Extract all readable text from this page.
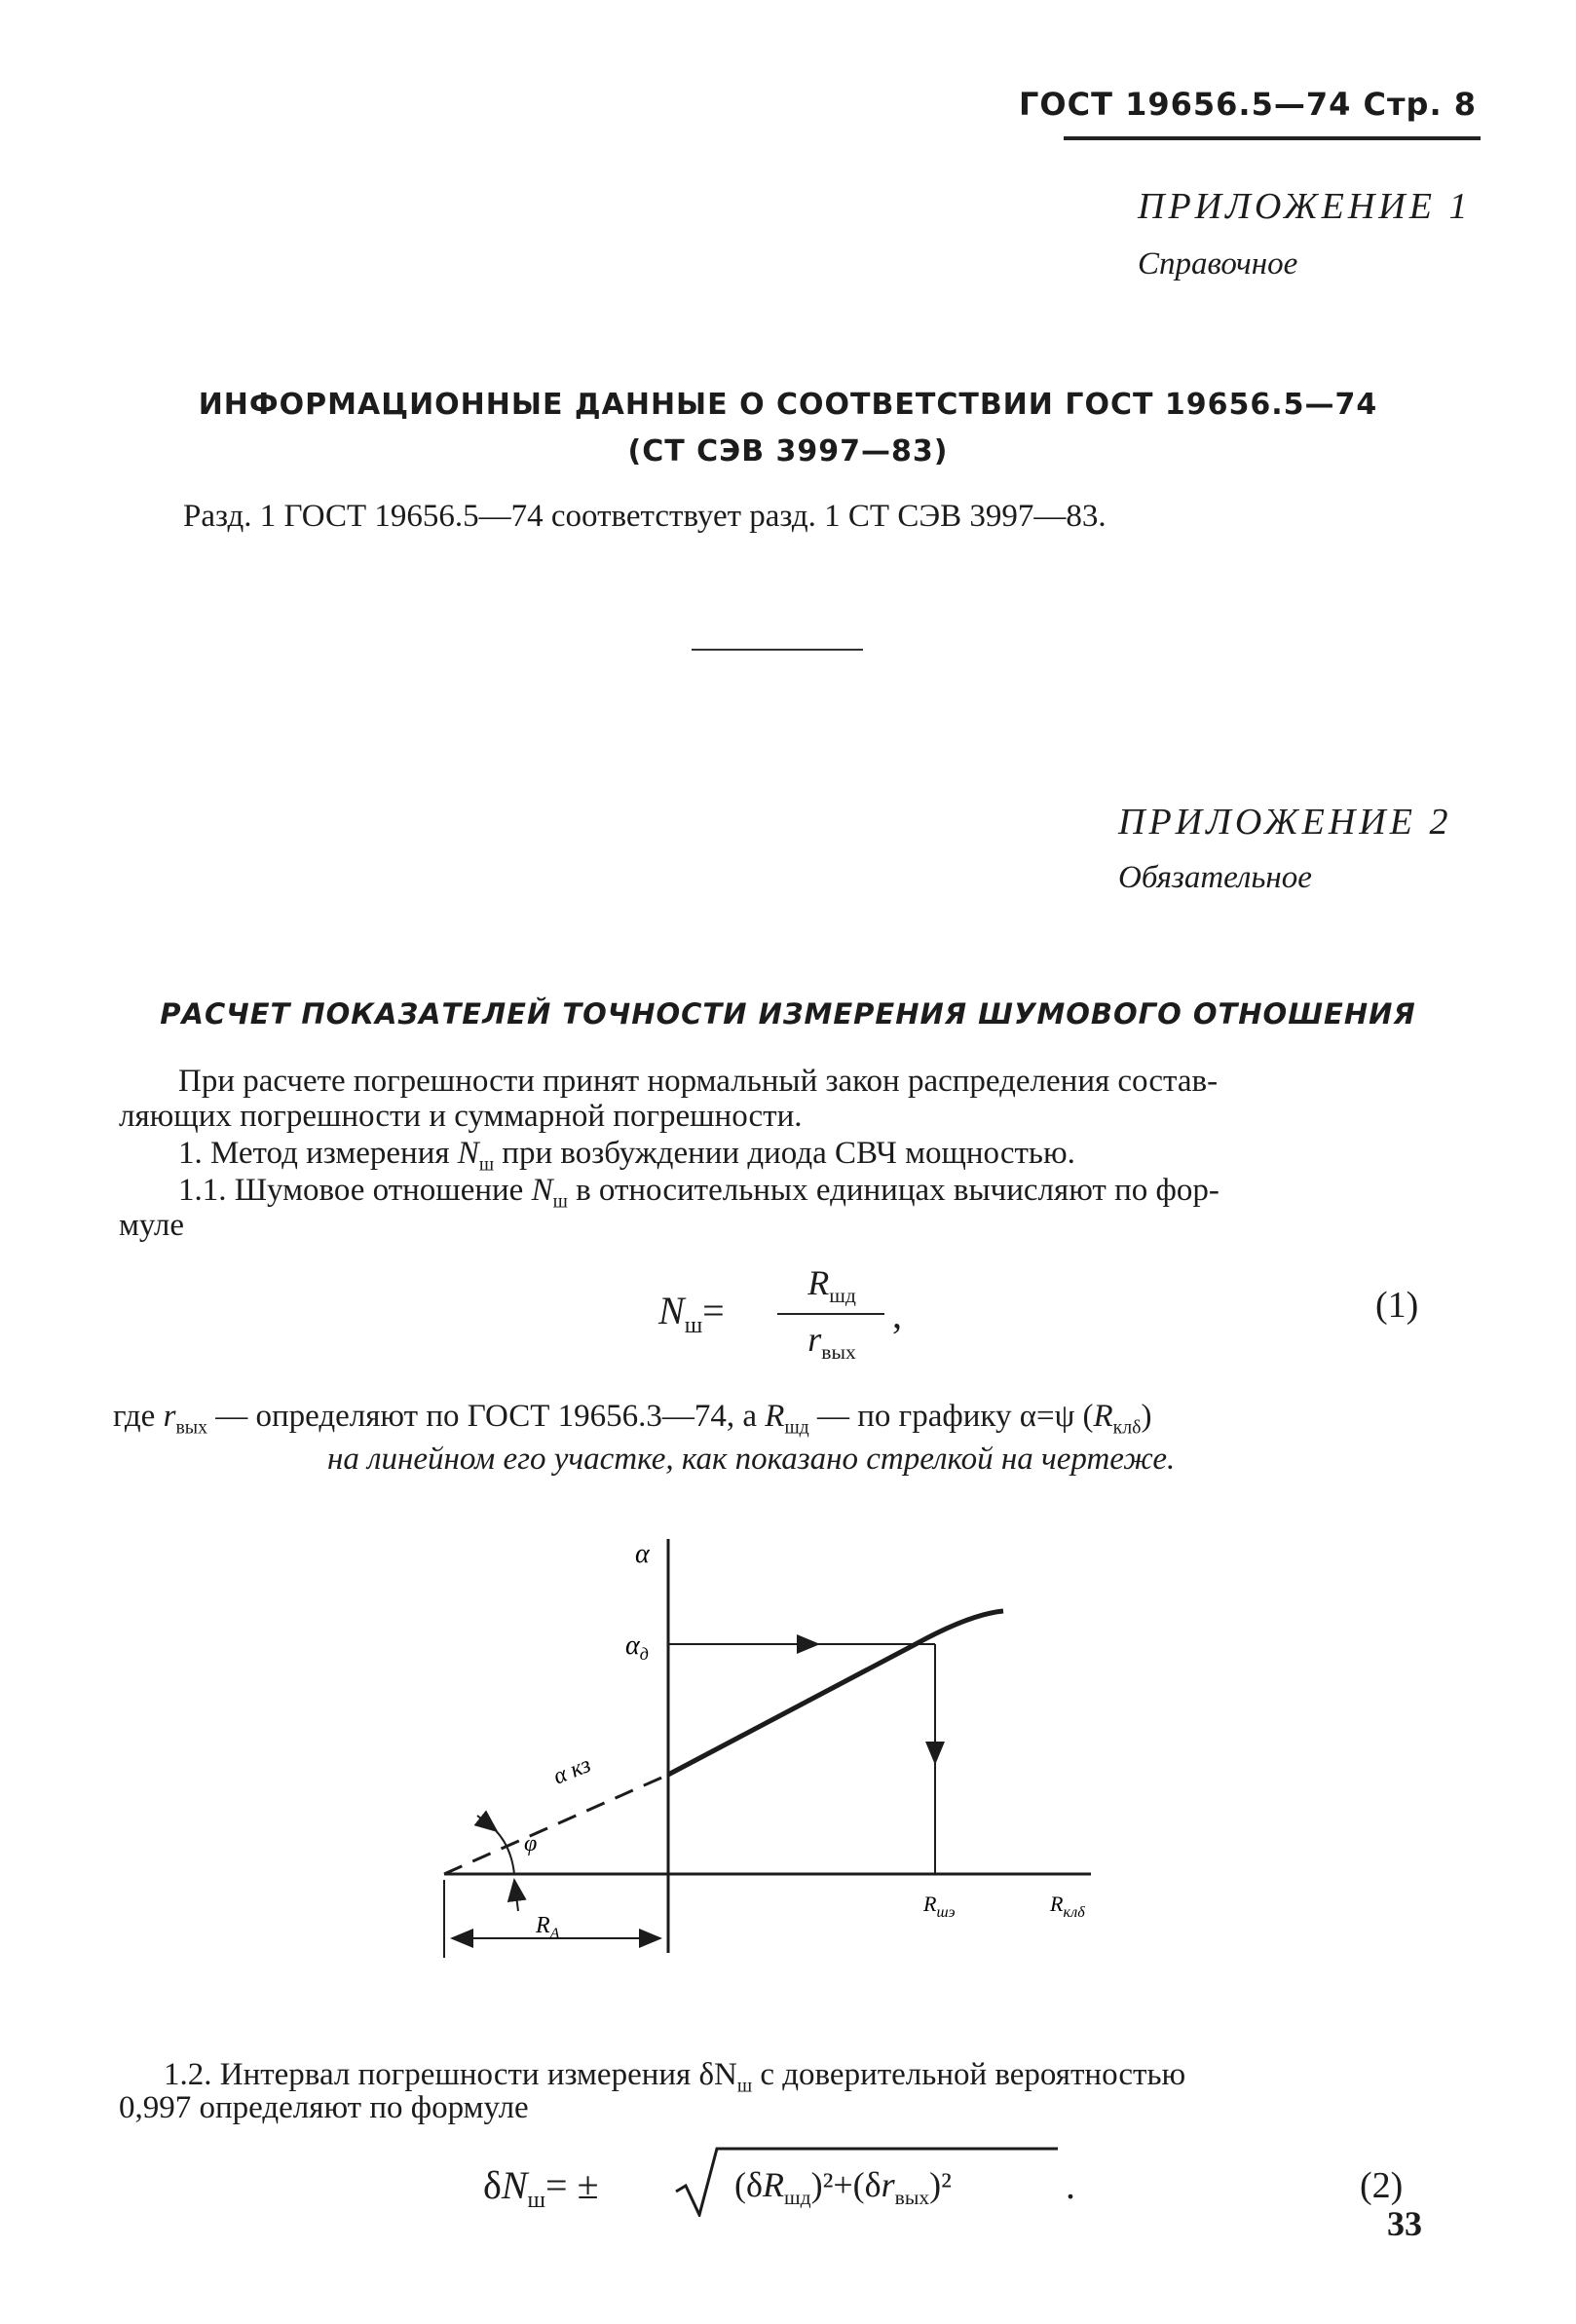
ГОСТ 19656.5—74 Стр. 8
ПРИЛОЖЕНИЕ 1
Справочное
ИНФОРМАЦИОННЫЕ ДАННЫЕ О СООТВЕТСТВИИ ГОСТ 19656.5—74
(СТ СЭВ 3997—83)
Разд. 1 ГОСТ 19656.5—74 соответствует разд. 1 СТ СЭВ 3997—83.
ПРИЛОЖЕНИЕ 2
Обязательное
РАСЧЕТ ПОКАЗАТЕЛЕЙ ТОЧНОСТИ ИЗМЕРЕНИЯ ШУМОВОГО ОТНОШЕНИЯ
При расчете погрешности принят нормальный закон распределения состав-
ляющих погрешности и суммарной погрешности.
1. Метод измерения $N_ш$ при возбуждении диода СВЧ мощностью.
1.1. Шумовое отношение $N_ш$ в относительных единицах вычисляют по фор-
муле
$N_ш=$
$R_{шд}$
$r_{вых}$
,	(1)
где $r_{вых}$ — определяют по ГОСТ 19656.3—74, а $R_{шд}$ — по графику α=ψ $(R_{кл\delta})$
на линейном его участке, как показано стрелкой на чертеже.
α
$\alpha_д$
α кз
φ
$R_A$
$R_{шэ}$	$R_{кл\delta}$
1.2. Интервал погрешности измерения $\delta N_ш$ с доверительной вероятностью
0,997 определяют по формуле
$\delta N_ш=$ ±	$(\delta R_{шд})^2+(\delta r_{вых})^2$	.	(2)
33
